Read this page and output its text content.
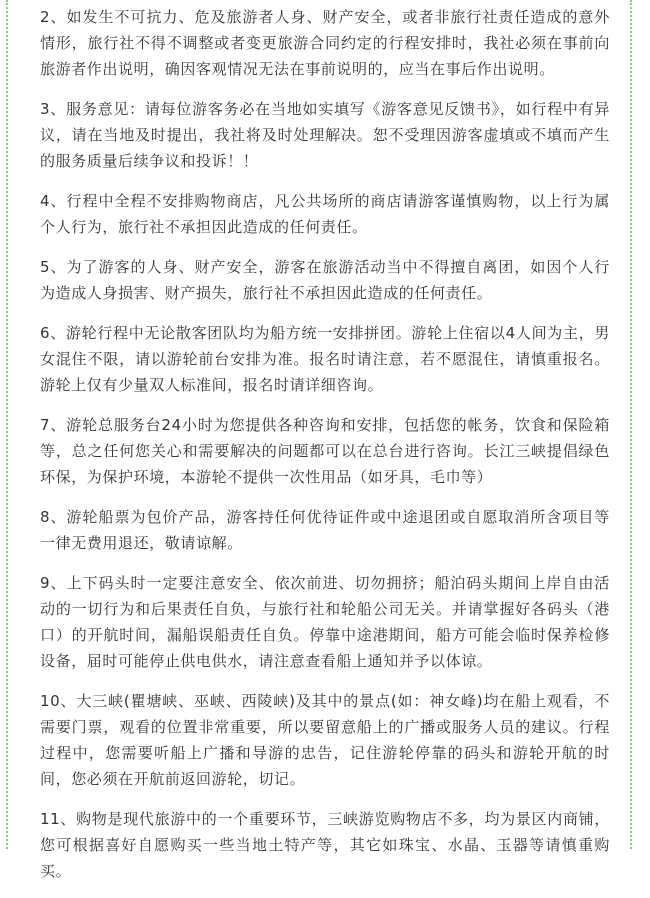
2、如发生不可抗力、危及旅游者人身、财产安全，或者非旅行社责任造成的意外情形，旅行社不得不调整或者变更旅游合同约定的行程安排时，我社必须在事前向旅游者作出说明，确因客观情况无法在事前说明的，应当在事后作出说明。

3、服务意见：请每位游客务必在当地如实填写《游客意见反馈书》，如行程中有异议，请在当地及时提出，我社将及时处理解决。恕不受理因游客虚填或不填而产生的服务质量后续争议和投诉！！

4、行程中全程不安排购物商店，凡公共场所的商店请游客谨慎购物，以上行为属个人行为，旅行社不承担因此造成的任何责任。

5、为了游客的人身、财产安全，游客在旅游活动当中不得擅自离团，如因个人行为造成人身损害、财产损失，旅行社不承担因此造成的任何责任。

6、游轮行程中无论散客团队均为船方统一安排拼团。游轮上住宿以4人间为主，男女混住不限，请以游轮前台安排为准。报名时请注意，若不愿混住，请慎重报名。游轮上仅有少量双人标准间，报名时请详细咨询。

7、游轮总服务台24小时为您提供各种咨询和安排，包括您的帐务，饮食和保险箱等，总之任何您关心和需要解决的问题都可以在总台进行咨询。长江三峡提倡绿色环保，为保护环境，本游轮不提供一次性用品（如牙具，毛巾等）

8、游轮船票为包价产品，游客持任何优待证件或中途退团或自愿取消所含项目等一律无费用退还，敬请谅解。

9、上下码头时一定要注意安全、依次前进、切勿拥挤；船泊码头期间上岸自由活动的一切行为和后果责任自负，与旅行社和轮船公司无关。并请掌握好各码头（港口）的开航时间，漏船误船责任自负。停靠中途港期间，船方可能会临时保养检修设备，届时可能停止供电供水，请注意查看船上通知并予以体谅。

10、大三峡(瞿塘峡、巫峡、西陵峡)及其中的景点(如：神女峰)均在船上观看，不需要门票，观看的位置非常重要，所以要留意船上的广播或服务人员的建议。行程过程中，您需要听船上广播和导游的忠告，记住游轮停靠的码头和游轮开航的时间，您必须在开航前返回游轮，切记。

11、购物是现代旅游中的一个重要环节，三峡游览购物店不多，均为景区内商铺，您可根据喜好自愿购买一些当地土特产等，其它如珠宝、水晶、玉器等请慎重购买。
